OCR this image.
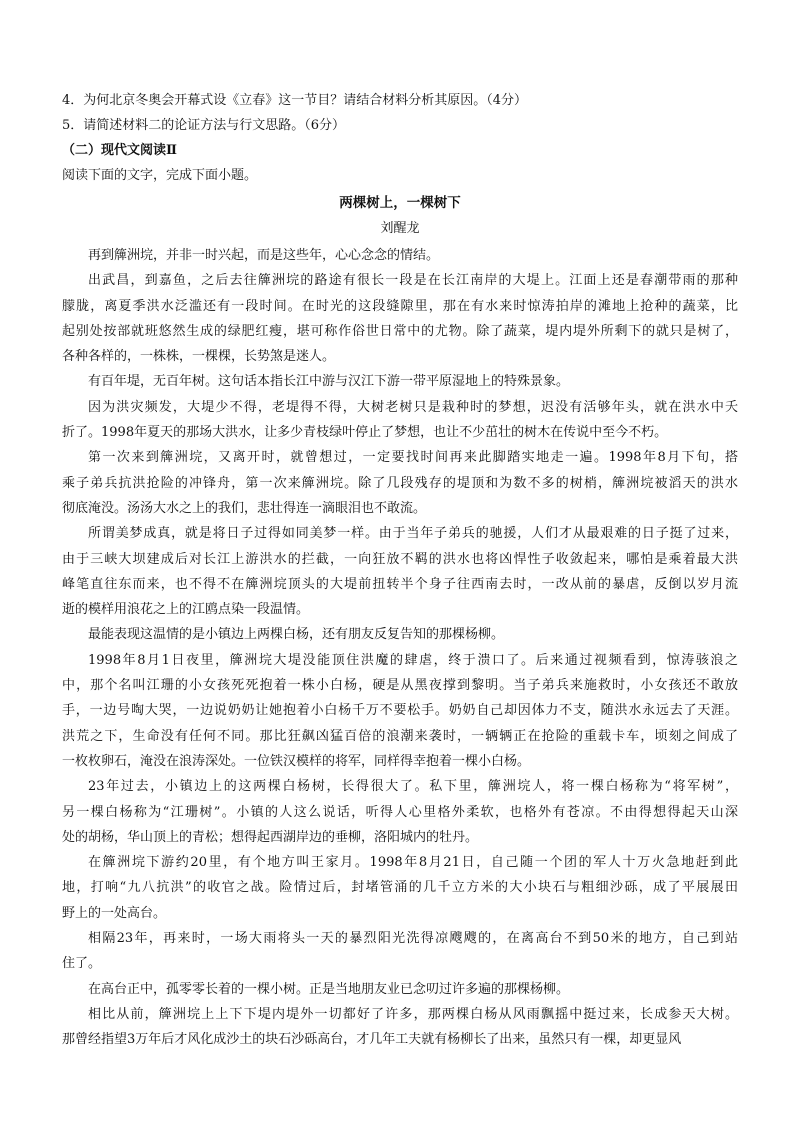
4．为何北京冬奥会开幕式设《立春》这一节目？请结合材料分析其原因。（4分）

5．请简述材料二的论证方法与行文思路。（6分）

（二）现代文阅读Ⅱ

阅读下面的文字，完成下面小题。

两棵树上，一棵树下

刘醒龙

再到簰洲垸，并非一时兴起，而是这些年，心心念念的情结。

出武昌，到嘉鱼，之后去往簰洲垸的路途有很长一段是在长江南岸的大堤上。江面上还是春潮带雨的那种
朦胧，离夏季洪水泛滥还有一段时间。在时光的这段缝隙里，那在有水来时惊涛拍岸的滩地上抢种的蔬菜，比
起别处按部就班悠然生成的绿肥红瘦，堪可称作俗世日常中的尤物。除了蔬菜，堤内堤外所剩下的就只是树了，
各种各样的，一株株，一棵棵，长势煞是迷人。

有百年堤，无百年树。这句话本指长江中游与汉江下游一带平原湿地上的特殊景象。

因为洪灾频发，大堤少不得，老堤得不得，大树老树只是栽种时的梦想，迟没有活够年头，就在洪水中夭
折了。1998年夏天的那场大洪水，让多少青枝绿叶停止了梦想，也让不少茁壮的树木在传说中至今不朽。

第一次来到簰洲垸，又离开时，就曾想过，一定要找时间再来此脚踏实地走一遍。1998年8月下旬，搭
乘子弟兵抗洪抢险的冲锋舟，第一次来簰洲垸。除了几段残存的堤顶和为数不多的树梢，簰洲垸被滔天的洪水
彻底淹没。汤汤大水之上的我们，悲壮得连一滴眼泪也不敢流。

所谓美梦成真，就是将日子过得如同美梦一样。由于当年子弟兵的驰援，人们才从最艰难的日子挺了过来，
由于三峡大坝建成后对长江上游洪水的拦截，一向狂放不羁的洪水也将凶悍性子收敛起来，哪怕是乘着最大洪
峰笔直往东而来，也不得不在簰洲垸顶头的大堤前扭转半个身子往西南去时，一改从前的暴虐，反倒以岁月流
逝的模样用浪花之上的江鸥点染一段温情。

最能表现这温情的是小镇边上两棵白杨，还有朋友反复告知的那棵杨柳。

1998年8月1日夜里，簰洲垸大堤没能顶住洪魔的肆虐，终于溃口了。后来通过视频看到，惊涛骇浪之
中，那个名叫江珊的小女孩死死抱着一株小白杨，硬是从黑夜撑到黎明。当子弟兵来施救时，小女孩还不敢放
手，一边号啕大哭，一边说奶奶让她抱着小白杨千万不要松手。奶奶自己却因体力不支，随洪水永远去了天涯。
洪荒之下，生命没有任何不同。那比狂飙凶猛百倍的浪潮来袭时，一辆辆正在抢险的重载卡车，顷刻之间成了
一枚枚卵石，淹没在浪涛深处。一位铁汉模样的将军，同样得幸抱着一棵小白杨。

23年过去，小镇边上的这两棵白杨树，长得很大了。私下里，簰洲垸人，将一棵白杨称为“将军树”，
另一棵白杨称为“江珊树”。小镇的人这么说话，听得人心里格外柔软，也格外有苍凉。不由得想得起天山深
处的胡杨，华山顶上的青松；想得起西湖岸边的垂柳，洛阳城内的牡丹。

在簰洲垸下游约20里，有个地方叫王家月。1998年8月21日，自己随一个团的军人十万火急地赶到此
地，打响“九八抗洪”的收官之战。险情过后，封堵管涌的几千立方米的大小块石与粗细沙砾，成了平展展田
野上的一处高台。

相隔23年，再来时，一场大雨将头一天的暴烈阳光洗得凉飕飕的，在离高台不到50米的地方，自己到站
住了。

在高台正中，孤零零长着的一棵小树。正是当地朋友业已念叨过许多遍的那棵杨柳。

相比从前，簰洲垸上上下下堤内堤外一切都好了许多，那两棵白杨从风雨飘摇中挺过来，长成参天大树。
那曾经指望3万年后才风化成沙土的块石沙砾高台，才几年工夫就有杨柳长了出来，虽然只有一棵，却更显风
